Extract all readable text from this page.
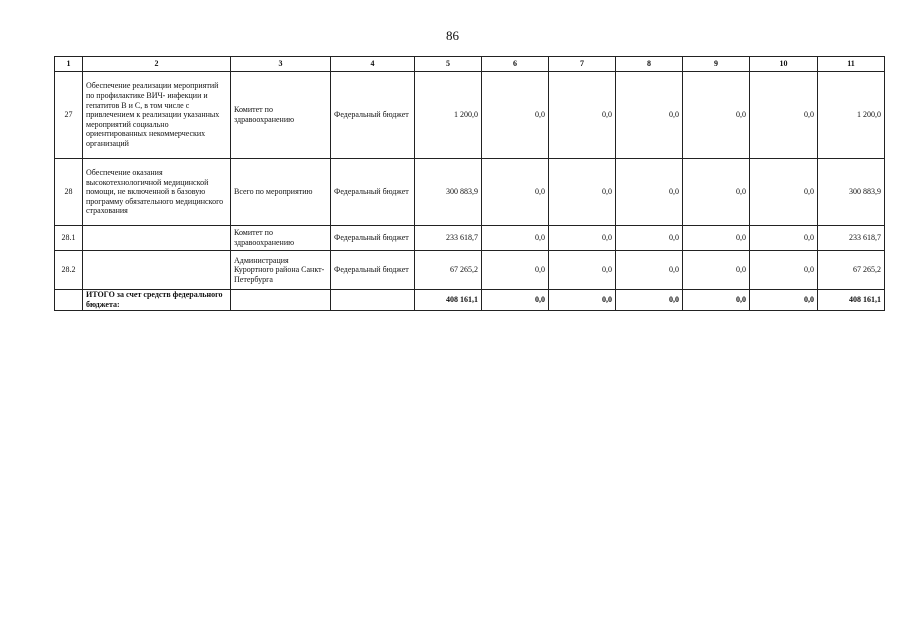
86
1	2	3	4	5	6	7	8	9	10	11
27	Обеспечение реализации мероприятий по профилактике ВИЧ- инфекции и гепатитов В и С, в том числе с привлечением к реализации указанных мероприятий социально ориентированных некоммерческих организаций	Комитет по здравоохранению	Федеральный бюджет	1 200,0	0,0	0,0	0,0	0,0	0,0	1 200,0
28	Обеспечение оказания высокотехнологичной медицинской помощи, не включенной в базовую программу обязательного медицинского страхования	Всего по мероприятию	Федеральный бюджет	300 883,9	0,0	0,0	0,0	0,0	0,0	300 883,9
28.1		Комитет по здравоохранению	Федеральный бюджет	233 618,7	0,0	0,0	0,0	0,0	0,0	233 618,7
28.2		Администрация Курортного района Санкт-Петербурга	Федеральный бюджет	67 265,2	0,0	0,0	0,0	0,0	0,0	67 265,2
	ИТОГО за счет средств федерального бюджета:			408 161,1	0,0	0,0	0,0	0,0	0,0	408 161,1
